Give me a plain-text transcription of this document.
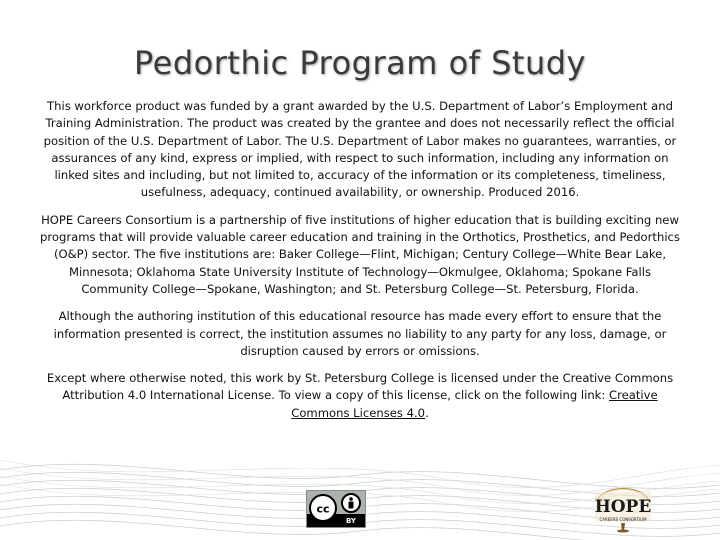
Pedorthic Program of Study

This workforce product was funded by a grant awarded by the U.S. Department of Labor’s Employment and Training Administration. The product was created by the grantee and does not necessarily reflect the official position of the U.S. Department of Labor. The U.S. Department of Labor makes no guarantees, warranties, or assurances of any kind, express or implied, with respect to such information, including any information on linked sites and including, but not limited to, accuracy of the information or its completeness, timeliness, usefulness, adequacy, continued availability, or ownership. Produced 2016.

HOPE Careers Consortium is a partnership of five institutions of higher education that is building exciting new programs that will provide valuable career education and training in the Orthotics, Prosthetics, and Pedorthics (O&P) sector. The five institutions are: Baker College—Flint, Michigan; Century College—White Bear Lake, Minnesota; Oklahoma State University Institute of Technology—Okmulgee, Oklahoma; Spokane Falls Community College—Spokane, Washington; and St. Petersburg College—St. Petersburg, Florida.

Although the authoring institution of this educational resource has made every effort to ensure that the information presented is correct, the institution assumes no liability to any party for any loss, damage, or disruption caused by errors or omissions.

Except where otherwise noted, this work by St. Petersburg College is licensed under the Creative Commons Attribution 4.0 International License. To view a copy of this license, click on the following link: Creative Commons Licenses 4.0.

cc
BY
HOPE
CAREERS CONSORTIUM
